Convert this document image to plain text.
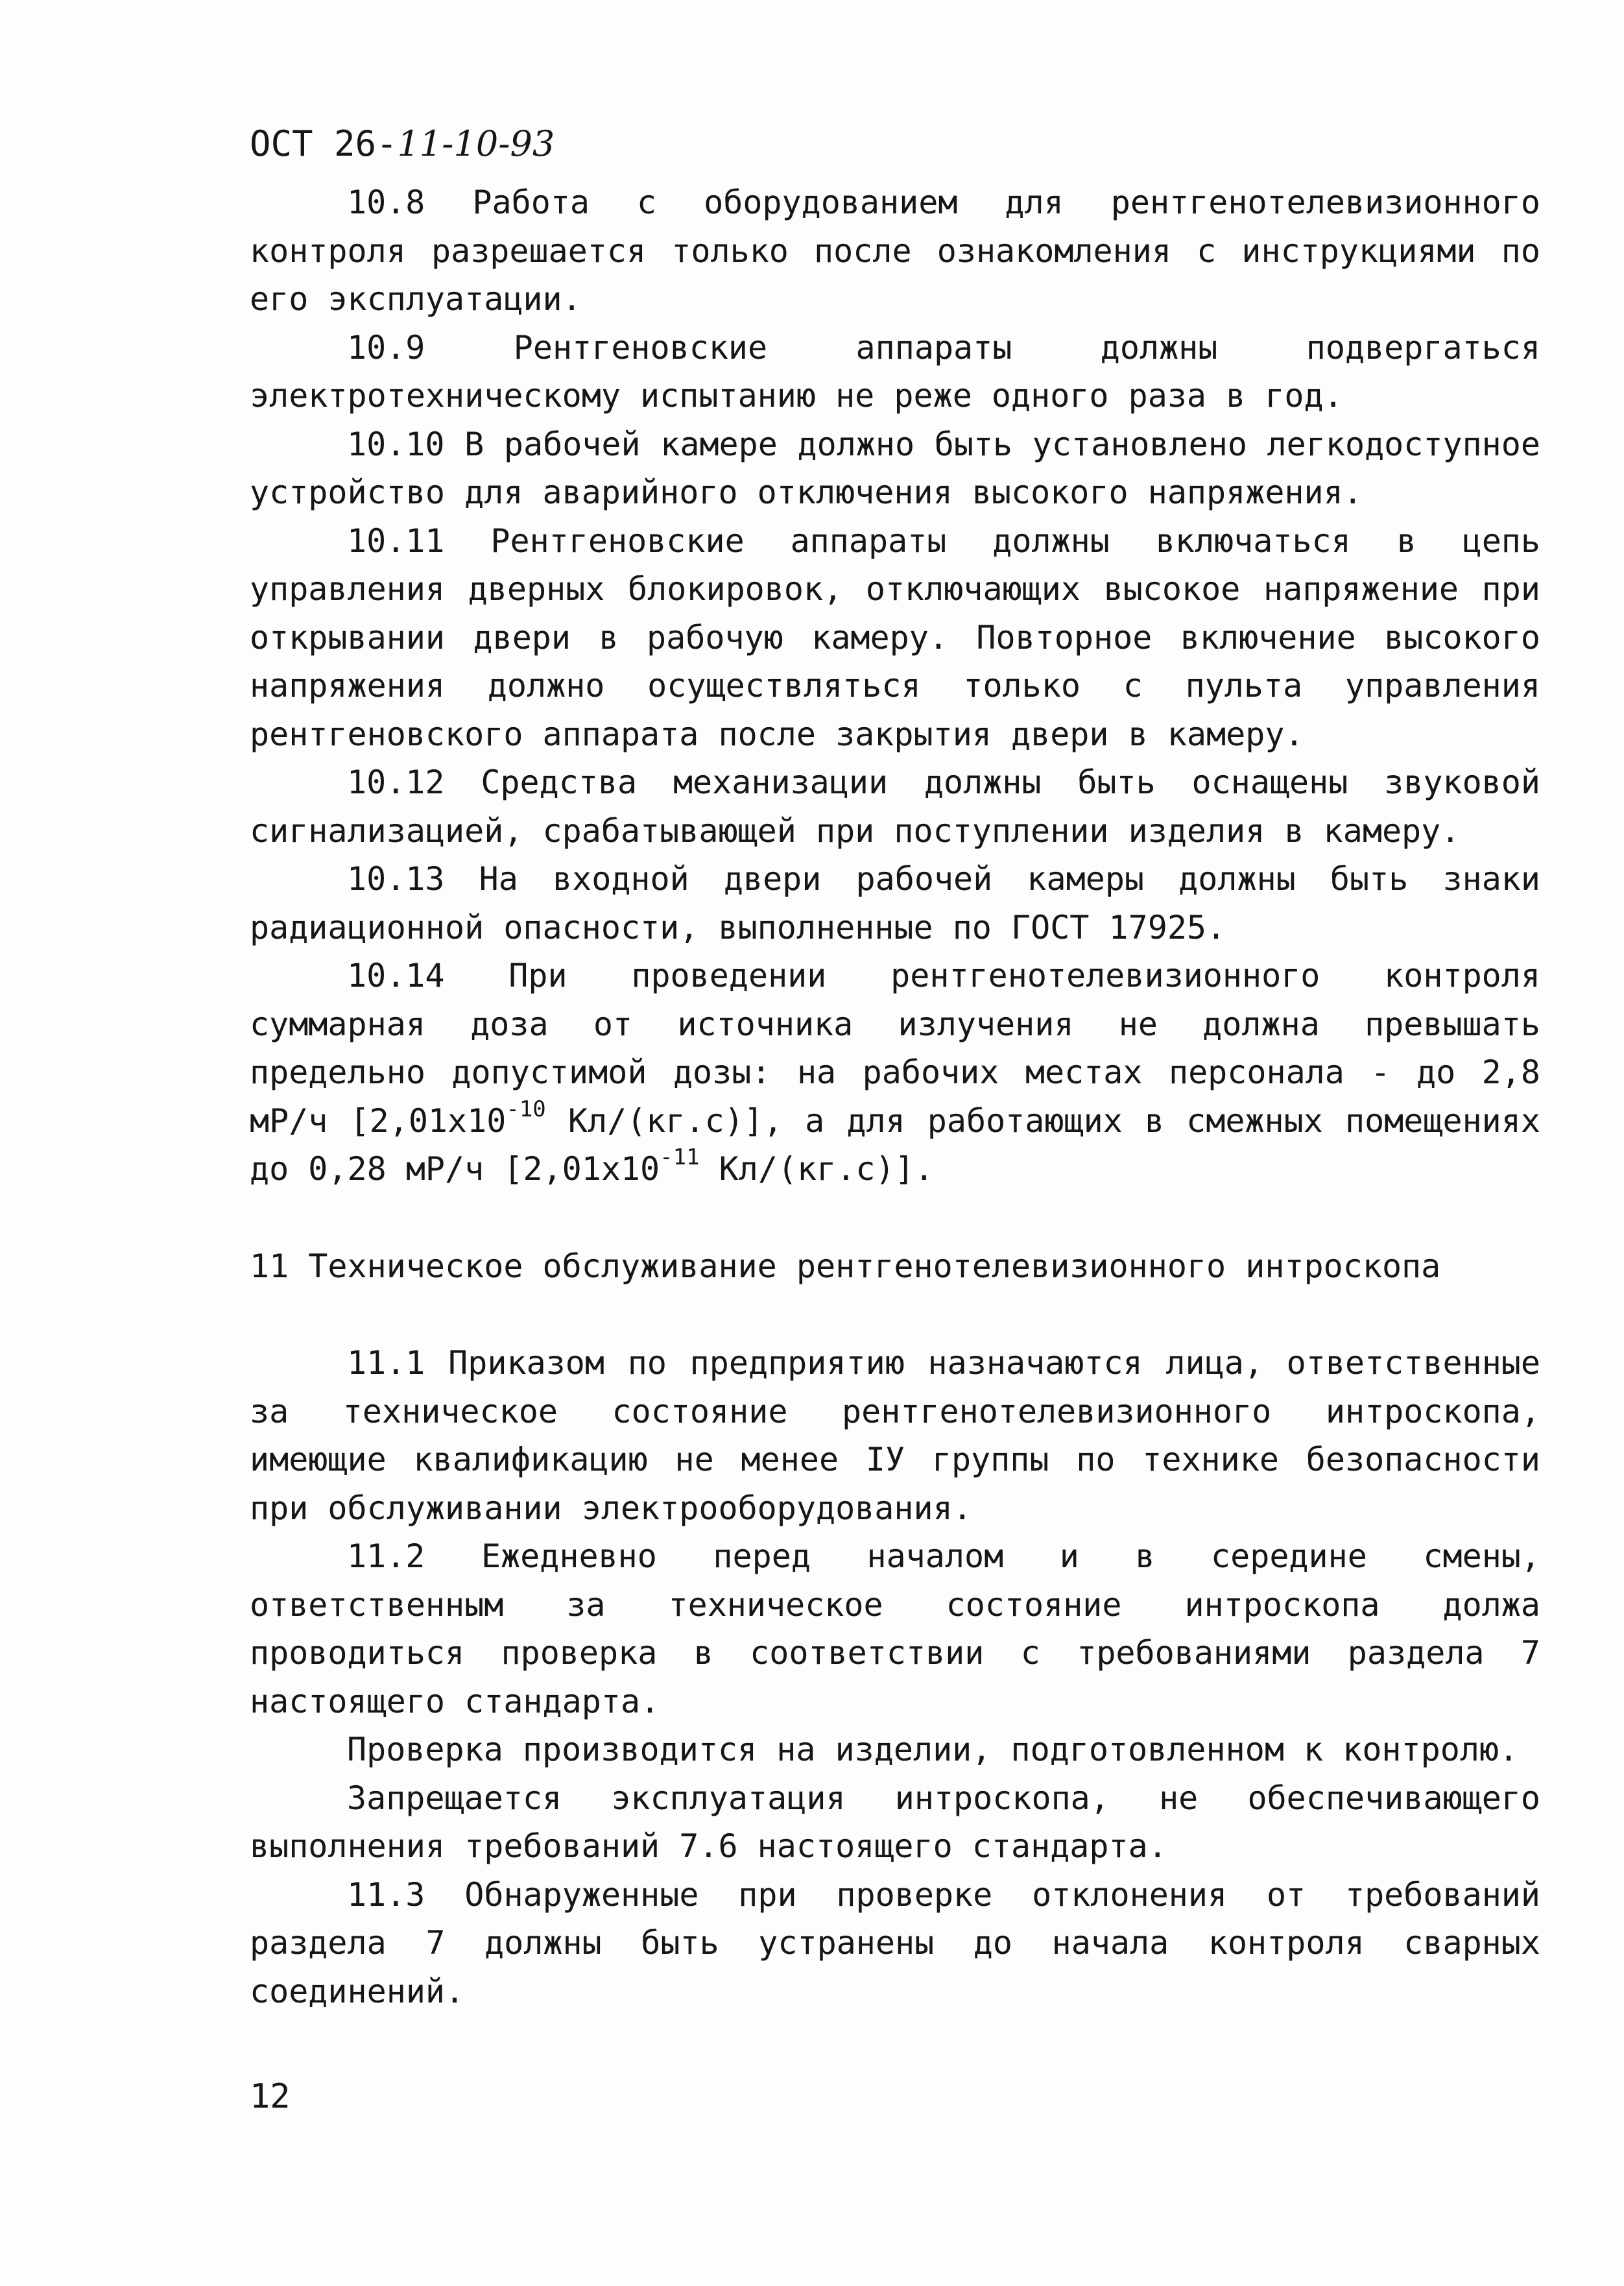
ОСТ 26-11-10-93

10.8 Работа с оборудованием для рентгенотелевизионного контроля разрешается только после ознакомления с инструкциями по его эксплуатации.

10.9 Рентгеновские аппараты должны подвергаться электротехническому испытанию не реже одного раза в год.

10.10 В рабочей камере должно быть установлено легкодоступное устройство для аварийного отключения высокого напряжения.

10.11 Рентгеновские аппараты должны включаться в цепь управления дверных блокировок, отключающих высокое напряжение при открывании двери в рабочую камеру. Повторное включение высокого напряжения должно осуществляться только с пульта управления рентгеновского аппарата после закрытия двери в камеру.

10.12 Средства механизации должны быть оснащены звуковой сигнализацией, срабатывающей при поступлении изделия в камеру.

10.13 На входной двери рабочей камеры должны быть знаки радиационной опасности, выполненные по ГОСТ 17925.

10.14 При проведении рентгенотелевизионного контроля суммарная доза от источника излучения не должна превышать предельно допустимой дозы: на рабочих местах персонала - до 2,8 мР/ч [$2,01х10^{-10}$ Кл/(кг.с)], а для работающих в смежных помещениях до 0,28 мР/ч [$2,01х10^{-11}$ Кл/(кг.с)].

11 Техническое обслуживание рентгенотелевизионного интроскопа

11.1 Приказом по предприятию назначаются лица, ответственные за техническое состояние рентгенотелевизионного интроскопа, имеющие квалификацию не менее IУ группы по технике безопасности при обслуживании электрооборудования.

11.2 Ежедневно перед началом и в середине смены, ответственным за техническое состояние интроскопа должа проводиться проверка в соответствии с требованиями раздела 7 настоящего стандарта.

Проверка производится на изделии, подготовленном к контролю.

Запрещается эксплуатация интроскопа, не обеспечивающего выполнения требований 7.6 настоящего стандарта.

11.3 Обнаруженные при проверке отклонения от требований раздела 7 должны быть устранены до начала контроля сварных соединений.

12
